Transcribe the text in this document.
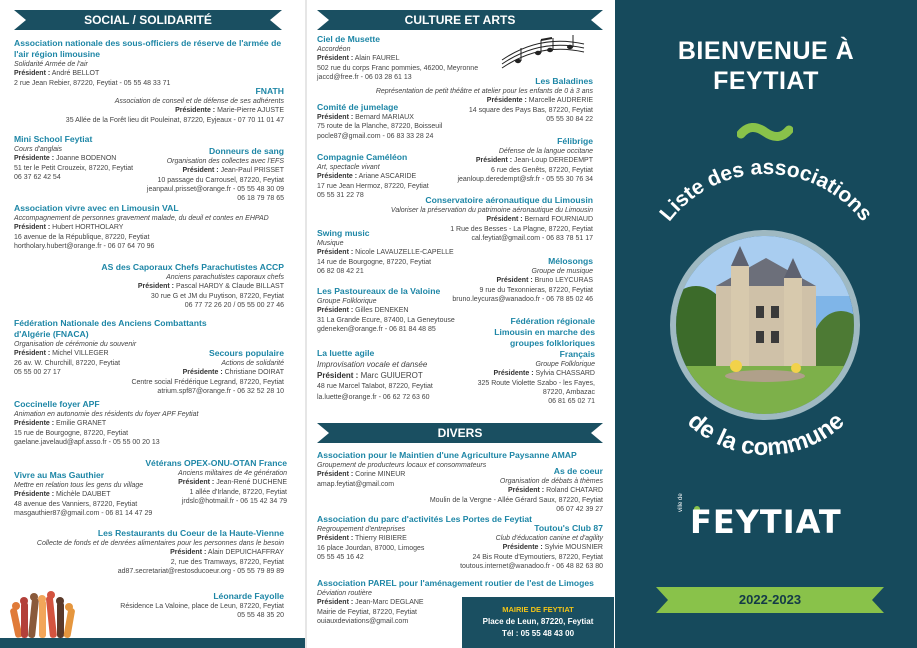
SOCIAL / SOLIDARITÉ
Association nationale des sous-officiers de réserve de l'armée de l'air région limousine
Solidarité Armée de l'air
Président : André BELLOT
2 rue Jean Rebier, 87220, Feytiat - 05 55 48 33 71
FNATH
Association de conseil et de défense de ses adhérents
Présidente : Marie-Pierre AJUSTE
35 Allée de la Forêt lieu dit Pouleinat, 87220, Eyjeaux - 07 70 11 01 47
Mini School Feytiat
Cours d'anglais
Présidente : Joanne BODENON
51 ter le Petit Crouzeix, 87220, Feytiat
06 37 62 42 54
Donneurs de sang
Organisation des collectes avec l'EFS
Président : Jean-Paul PRISSET
10 passage du Carrousel, 87220, Feytiat
jeanpaul.prisset@orange.fr - 05 55 48 30 09
06 18 79 78 65
Association vivre avec en Limousin VAL
Accompagnement de personnes gravement malade, du deuil et contes en EHPAD
Président : Hubert HORTHOLARY
16 avenue de la République, 87220, Feytiat
hortholary.hubert@orange.fr - 06 07 64 70 96
AS des Caporaux Chefs Parachutistes ACCP
Anciens parachutistes caporaux chefs
Président : Pascal HARDY & Claude BILLAST
30 rue G et JM du Puytison, 87220, Feytiat
06 77 72 26 20 / 05 55 00 27 46
Fédération Nationale des Anciens Combattants d'Algérie (FNACA)
Organisation de cérémonie du souvenir
Président : Michel VILLEGER
26 av. W. Churchill, 87220, Feytiat
05 55 00 27 17
Secours populaire
Actions de solidarité
Présidente : Christiane DOIRAT
Centre social Frédérique Legrand, 87220, Feytiat
atrium.spf87@orange.fr - 06 32 52 28 10
Coccinelle foyer APF
Animation en autonomie des résidents du foyer APF Feytiat
Présidente : Emilie GRANET
15 rue de Bourgogne, 87220, Feytiat
gaelane.javelaud@apf.asso.fr - 05 55 00 20 13
Vétérans OPEX-ONU-OTAN France
Anciens militaires de 4e génération
Président : Jean-René DUCHENE
1 allée d'Irlande, 87220, Feytiat
jrdslc@hotmail.fr - 06 15 42 34 79
Vivre au Mas Gauthier
Mettre en relation tous les gens du village
Présidente : Michèle DAUBET
48 avenue des Vanniers, 87220, Feytiat
masgauthier87@gmail.com - 06 81 14 47 29
Les Restaurants du Coeur de la Haute-Vienne
Collecte de fonds et de denrées alimentaires pour les personnes dans le besoin
Président : Alain DEPUICHAFFRAY
2, rue des Tramways, 87220, Feytiat
ad87.secretariat@restosducoeur.org - 05 55 79 89 89
Léonarde Fayolle
Résidence La Valoine, place de Leun, 87220, Feytiat
05 55 48 35 20
CULTURE ET ARTS
Ciel de Musette
Accordéon
Président : Alain FAUREL
502 rue du corps Franc pommies, 46200, Meyronne
jaccd@free.fr - 06 03 28 61 13	Les Baladines
Représentation de petit théâtre et atelier pour les enfants de 0 à 3 ans
Présidente : Marcelle AUDRERIE
14 square des Pays Bas, 87220, Feytiat
05 55 30 84 22
Comité de jumelage
Président : Bernard MARIAUX
75 route de la Planche, 87220, Boisseuil
pocle87@gmail.com - 06 83 33 28 24	Félibrige
Défense de la langue occitane
Président : Jean-Loup DEREDEMPT
6 rue des Genêts, 87220, Feytiat
jeanloup.deredempt@sfr.fr - 05 55 30 76 34
Compagnie Caméléon
Art, spectacle vivant
Présidente : Ariane ASCARIDE
17 rue Jean Hermoz, 87220, Feytiat
05 55 31 22 78	Conservatoire aéronautique du Limousin
Valoriser la préservation du patrimoine aéronautique du Limousin
Président : Bernard FOURNIAUD
1 Rue des Besses - La Plagne, 87220, Feytiat
cal.feytiat@gmail.com - 06 83 78 51 17
Swing music
Musique
Président : Nicole LAVAUZELLE-CAPELLE
14 rue de Bourgogne, 87220, Feytiat
06 82 08 42 21
Mélosongs
Groupe de musique
Président : Bruno LEYCURAS
9 rue du Texonnieras, 87220, Feytiat
bruno.leycuras@wanadoo.fr - 06 78 85 02 46
Les Pastoureaux de la Valoine
Groupe Folklorique
Président : Gilles DENEKEN
31 La Grande Ecure, 87400, La Geneytouse
gdeneken@orange.fr - 06 81 84 48 85
Fédération régionale Limousin en marche des groupes folkloriques Français
Groupe Folklorique
Présidente : Sylvia CHASSARD
325 Route Violette Szabo - les Fayes, 87220, Ambazac
06 81 65 02 71
La luette agile
Improvisation vocale et dansée
Président : Marc GUIUEROT
48 rue Marcel Taïabot, 87220, Feytiat
la.luette@orange.fr - 06 62 72 63 60
DIVERS
Association pour le Maintien d'une Agriculture Paysanne AMAP
Groupement de producteurs locaux et consommateurs
Président : Corine MINEUR
amap.feytiat@gmail.com
As de coeur
Organisation de débats à thèmes
Président : Roland CHATARD
Moulin de la Vergne - Allée Gérard Saux, 87220, Feytiat
06 07 42 39 27
Association du parc d'activités Les Portes de Feytiat
Regroupement d'entreprises
Président : Thierry RIBIERE
16 place Jourdan, 87000, Limoges
05 55 45 16 42
Toutou's Club 87
Club d'éducation canine et d'agility
Présidente : Sylvie MOUSNIER
24 Bis Route d'Eymoutiers, 87220, Feytiat
toutous.internet@wanadoo.fr - 06 48 82 63 80
Association PAREL pour l'aménagement routier de l'est de Limoges
Déviation routière
Président : Jean-Marc DEGLANE
Mairie de Feytiat, 87220, Feytiat
ouiauxdeviations@gmail.com
MAIRIE DE FEYTIAT
Place de Leun, 87220, Feytiat
Tél : 05 55 48 43 00
BIENVENUE À
FEYTIAT
Liste des associations
de la commune
ville de
FEYTIAT
2022-2023
